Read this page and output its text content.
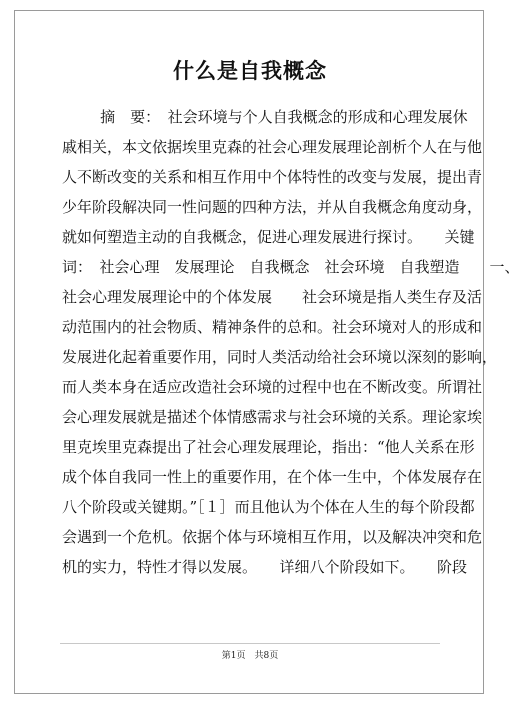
什么是自我概念
摘　要：　社会环境与个人自我概念的形成和心理发展休
戚相关，本文依据埃里克森的社会心理发展理论剖析个人在与他
人不断改变的关系和相互作用中个体特性的改变与发展，提出青
少年阶段解决同一性问题的四种方法，并从自我概念角度动身，
就如何塑造主动的自我概念，促进心理发展进行探讨。　　关键
词：　社会心理　发展理论　自我概念　社会环境　自我塑造　　一、
社会心理发展理论中的个体发展　　社会环境是指人类生存及活
动范围内的社会物质、精神条件的总和。社会环境对人的形成和
发展进化起着重要作用，同时人类活动给社会环境以深刻的影响，
而人类本身在适应改造社会环境的过程中也在不断改变。所谓社
会心理发展就是描述个体情感需求与社会环境的关系。理论家埃
里克埃里克森提出了社会心理发展理论，指出：“他人关系在形
成个体自我同一性上的重要作用，在个体一生中，个体发展存在
八个阶段或关键期。”［１］而且他认为个体在人生的每个阶段都
会遇到一个危机。依据个体与环境相互作用，以及解决冲突和危
机的实力，特性才得以发展。　　详细八个阶段如下。　　阶段
第1页　共8页
